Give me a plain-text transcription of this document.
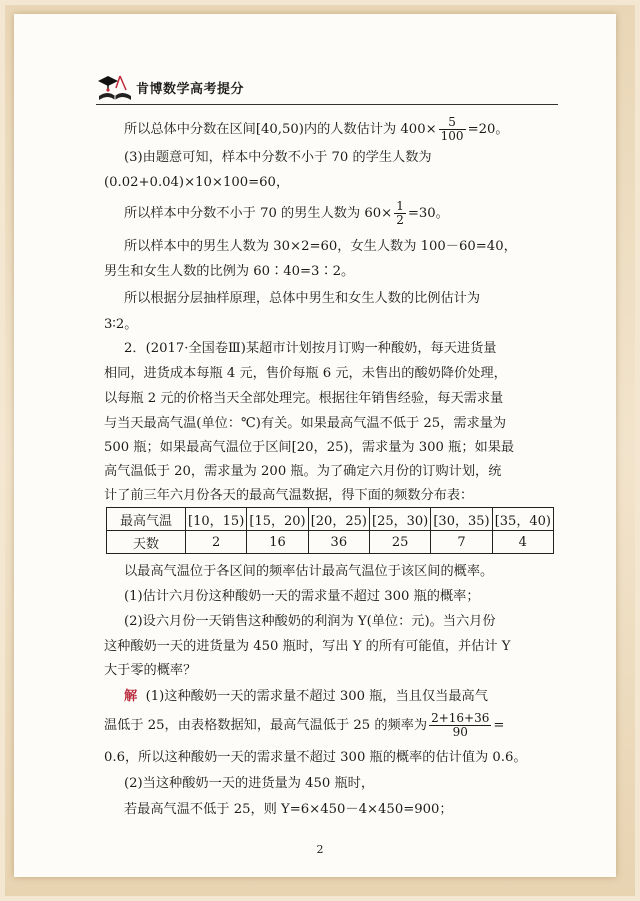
肯博数学高考提分
所以总体中分数在区间[40,50)内的人数估计为 $400\times \frac{5}{100} =20$。
(3)由题意可知，样本中分数不小于 70 的学生人数为
(0.02+0.04)×10×100=60，
所以样本中分数不小于 70 的男生人数为 $60\times \frac{1}{2} =30$。
所以样本中的男生人数为 30×2=60，女生人数为 100－60=40，
男生和女生人数的比例为 60∶40=3∶2。
所以根据分层抽样原理，总体中男生和女生人数的比例估计为
3∶2。
2．(2017·全国卷Ⅲ)某超市计划按月订购一种酸奶，每天进货量
相同，进货成本每瓶 4 元，售价每瓶 6 元，未售出的酸奶降价处理，
以每瓶 2 元的价格当天全部处理完。根据往年销售经验，每天需求量
与当天最高气温(单位：℃)有关。如果最高气温不低于 25，需求量为
500 瓶；如果最高气温位于区间[20，25)，需求量为 300 瓶；如果最
高气温低于 20，需求量为 200 瓶。为了确定六月份的订购计划，统
计了前三年六月份各天的最高气温数据，得下面的频数分布表：
最高气温	[10，15)	[15，20)	[20，25)	[25，30)	[30，35)	[35，40)
天数	2	16	36	25	7	4
以最高气温位于各区间的频率估计最高气温位于该区间的概率。
(1)估计六月份这种酸奶一天的需求量不超过 300 瓶的概率；
(2)设六月份一天销售这种酸奶的利润为 Y(单位：元)。当六月份
这种酸奶一天的进货量为 450 瓶时，写出 Y 的所有可能值，并估计 Y
大于零的概率？
解 (1)这种酸奶一天的需求量不超过 300 瓶，当且仅当最高气
温低于 25，由表格数据知，最高气温低于 25 的频率为 $\frac{2+16+36}{90}$ =
0.6，所以这种酸奶一天的需求量不超过 300 瓶的概率的估计值为 0.6。
(2)当这种酸奶一天的进货量为 450 瓶时，
若最高气温不低于 25，则 Y=6×450－4×450=900；
2
